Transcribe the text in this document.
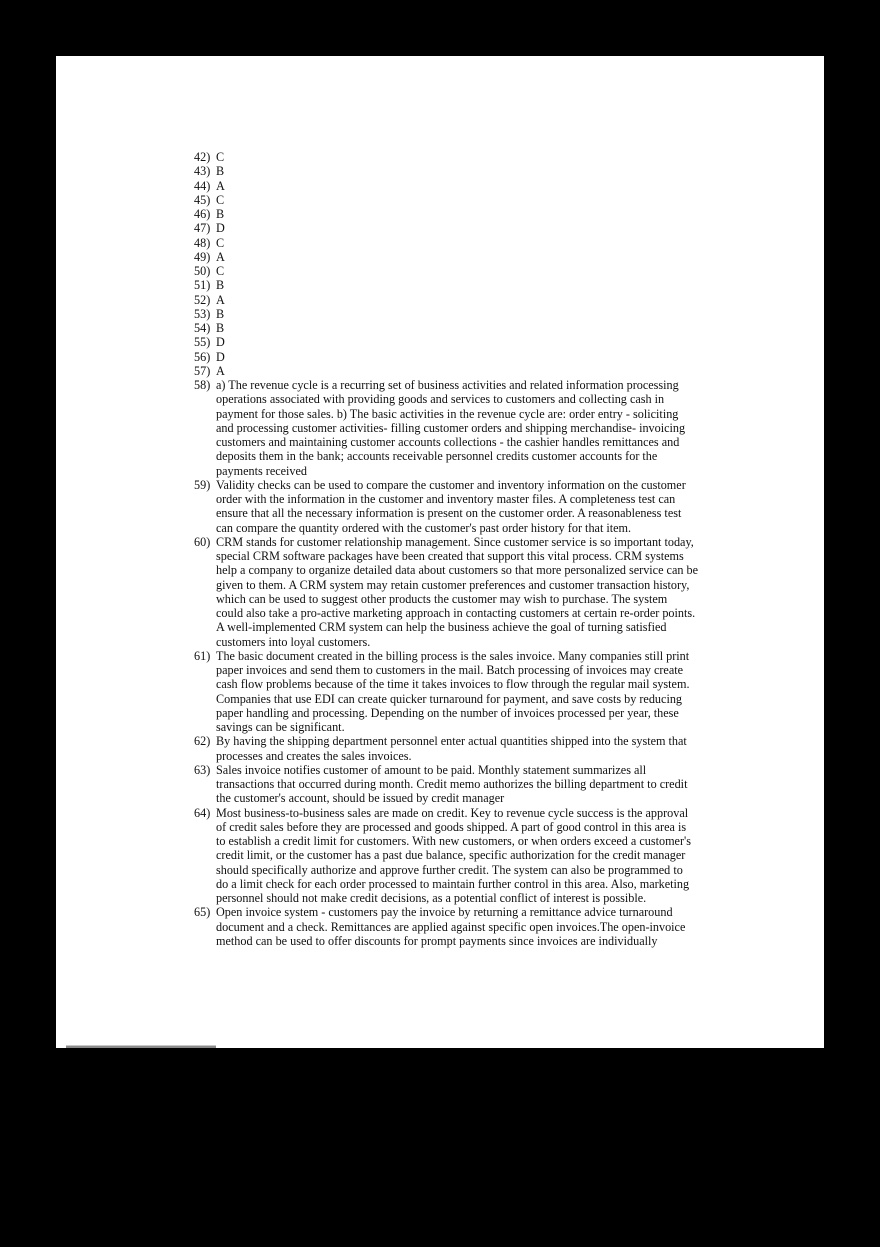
42) C
43) B
44) A
45) C
46) B
47) D
48) C
49) A
50) C
51) B
52) A
53) B
54) B
55) D
56) D
57) A
58) a) The revenue cycle is a recurring set of business activities and related information processing
operations associated with providing goods and services to customers and collecting cash in
payment for those sales. b) The basic activities in the revenue cycle are: order entry - soliciting
and processing customer activities- filling customer orders and shipping merchandise- invoicing
customers and maintaining customer accounts collections - the cashier handles remittances and
deposits them in the bank; accounts receivable personnel credits customer accounts for the
payments received
59) Validity checks can be used to compare the customer and inventory information on the customer
order with the information in the customer and inventory master files. A completeness test can
ensure that all the necessary information is present on the customer order. A reasonableness test
can compare the quantity ordered with the customer's past order history for that item.
60) CRM stands for customer relationship management. Since customer service is so important today,
special CRM software packages have been created that support this vital process. CRM systems
help a company to organize detailed data about customers so that more personalized service can be
given to them. A CRM system may retain customer preferences and customer transaction history,
which can be used to suggest other products the customer may wish to purchase. The system
could also take a pro-active marketing approach in contacting customers at certain re-order points.
A well-implemented CRM system can help the business achieve the goal of turning satisfied
customers into loyal customers.
61) The basic document created in the billing process is the sales invoice. Many companies still print
paper invoices and send them to customers in the mail. Batch processing of invoices may create
cash flow problems because of the time it takes invoices to flow through the regular mail system.
Companies that use EDI can create quicker turnaround for payment, and save costs by reducing
paper handling and processing. Depending on the number of invoices processed per year, these
savings can be significant.
62) By having the shipping department personnel enter actual quantities shipped into the system that
processes and creates the sales invoices.
63) Sales invoice notifies customer of amount to be paid. Monthly statement summarizes all
transactions that occurred during month. Credit memo authorizes the billing department to credit
the customer's account, should be issued by credit manager
64) Most business-to-business sales are made on credit. Key to revenue cycle success is the approval
of credit sales before they are processed and goods shipped. A part of good control in this area is
to establish a credit limit for customers. With new customers, or when orders exceed a customer's
credit limit, or the customer has a past due balance, specific authorization for the credit manager
should specifically authorize and approve further credit. The system can also be programmed to
do a limit check for each order processed to maintain further control in this area. Also, marketing
personnel should not make credit decisions, as a potential conflict of interest is possible.
65) Open invoice system - customers pay the invoice by returning a remittance advice turnaround
document and a check. Remittances are applied against specific open invoices.The open-invoice
method can be used to offer discounts for prompt payments since invoices are individually
